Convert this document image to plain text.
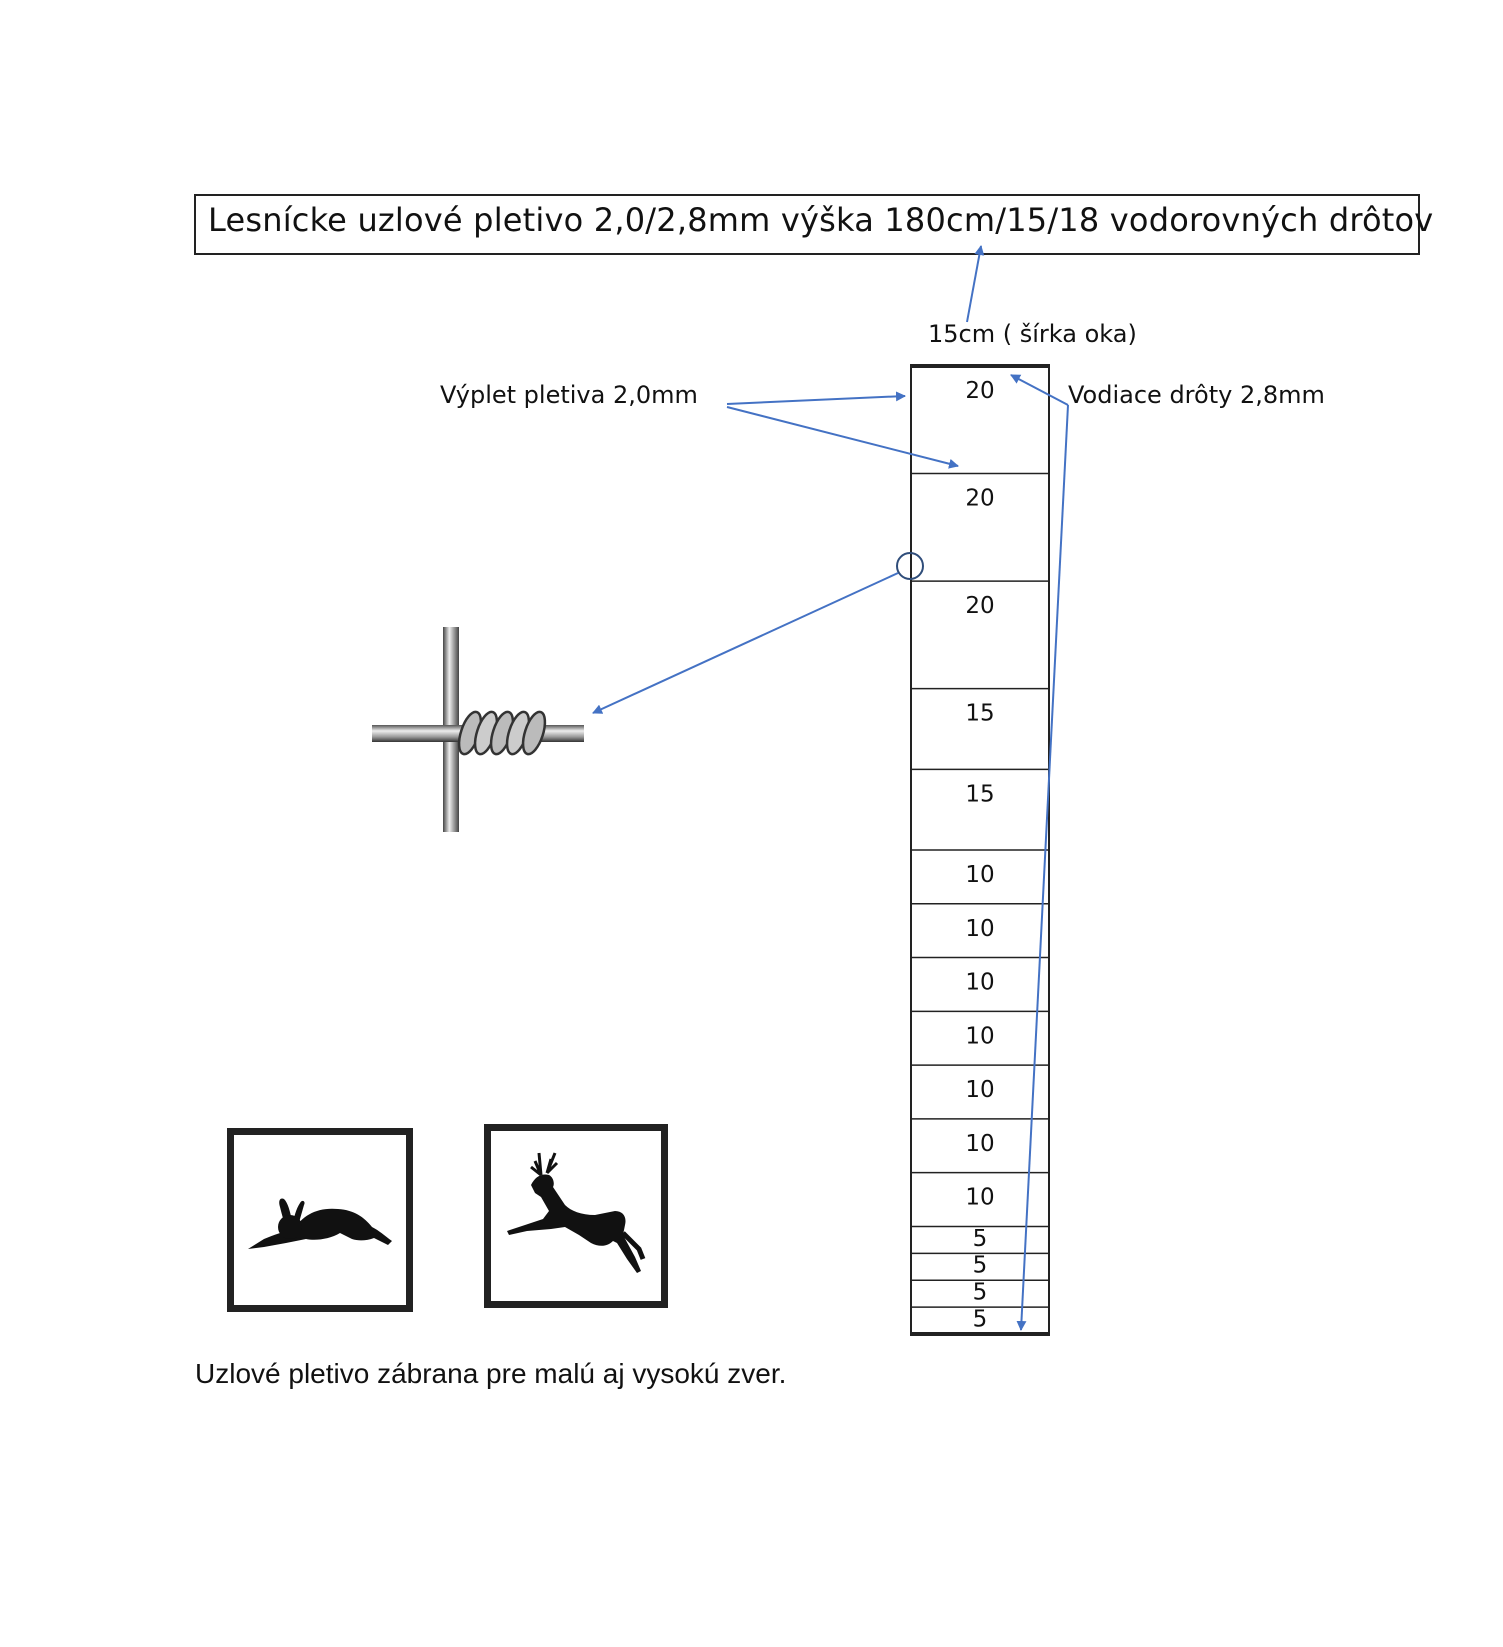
Lesnícke uzlové pletivo 2,0/2,8mm výška 180cm/15/18 vodorovných drôtov
15cm ( šírka oka)
Výplet pletiva 2,0mm	Vodiace drôty 2,8mm
20
20
20
15
15
10
10
10
10
10
10
10
5
5
5
5
Uzlové pletivo zábrana pre malú aj vysokú zver.
